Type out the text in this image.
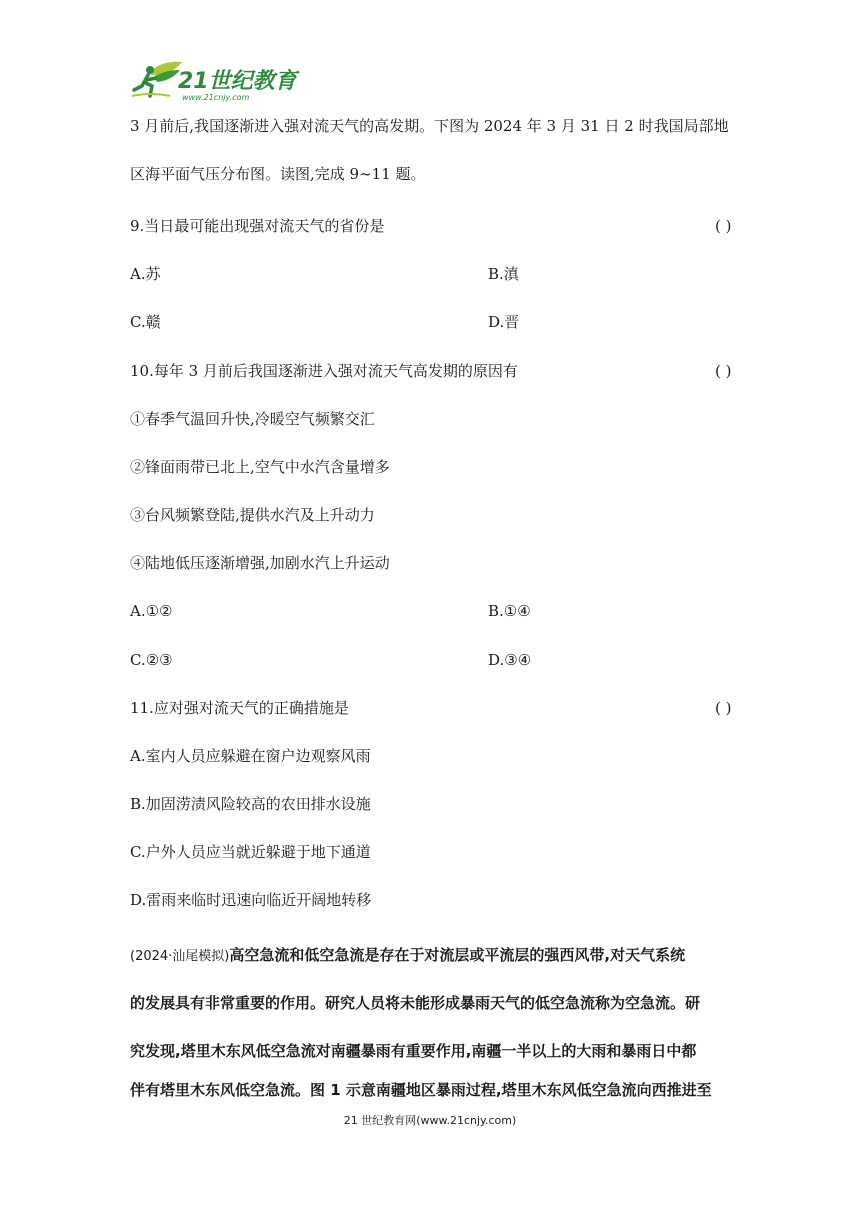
21世纪教育
www.21cnjy.com
3 月前后,我国逐渐进入强对流天气的高发期。下图为 2024 年 3 月 31 日 2 时我国局部地
区海平面气压分布图。读图,完成 9~11 题。
9.当日最可能出现强对流天气的省份是	( )
A.苏	B.滇
C.赣	D.晋
10.每年 3 月前后我国逐渐进入强对流天气高发期的原因有	( )
①春季气温回升快,冷暖空气频繁交汇
②锋面雨带已北上,空气中水汽含量增多
③台风频繁登陆,提供水汽及上升动力
④陆地低压逐渐增强,加剧水汽上升运动
A.①②	B.①④
C.②③	D.③④
11.应对强对流天气的正确措施是	( )
A.室内人员应躲避在窗户边观察风雨
B.加固涝渍风险较高的农田排水设施
C.户外人员应当就近躲避于地下通道
D.雷雨来临时迅速向临近开阔地转移
(2024·汕尾模拟)高空急流和低空急流是存在于对流层或平流层的强西风带,对天气系统
的发展具有非常重要的作用。研究人员将未能形成暴雨天气的低空急流称为空急流。研
究发现,塔里木东风低空急流对南疆暴雨有重要作用,南疆一半以上的大雨和暴雨日中都
伴有塔里木东风低空急流。图 1 示意南疆地区暴雨过程,塔里木东风低空急流向西推进至
21 世纪教育网(www.21cnjy.com)
